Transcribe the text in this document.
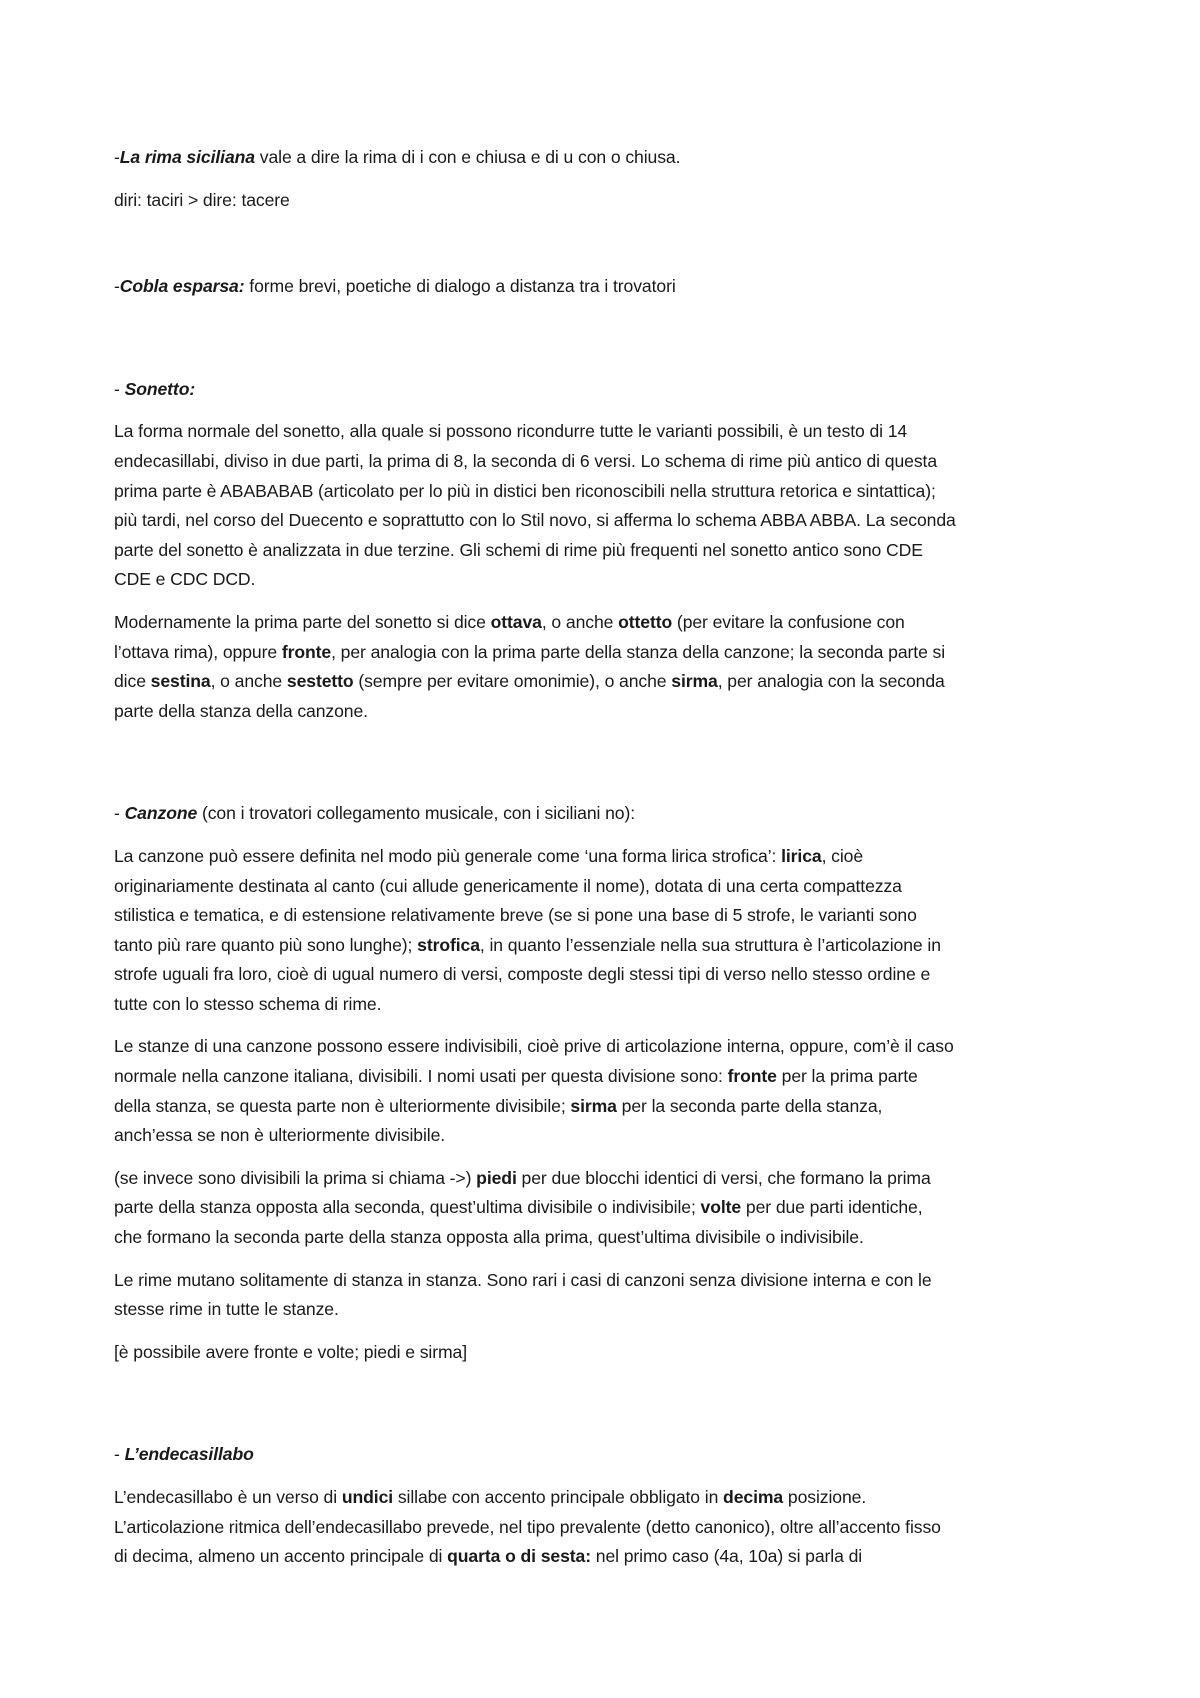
-La rima siciliana vale a dire la rima di i con e chiusa e di u con o chiusa.

diri: taciri > dire: tacere

-Cobla esparsa: forme brevi, poetiche di dialogo a distanza tra i trovatori

- Sonetto:

La forma normale del sonetto, alla quale si possono ricondurre tutte le varianti possibili, è un testo di 14
endecasillabi, diviso in due parti, la prima di 8, la seconda di 6 versi. Lo schema di rime più antico di questa
prima parte è ABABABAB (articolato per lo più in distici ben riconoscibili nella struttura retorica e sintattica);
più tardi, nel corso del Duecento e soprattutto con lo Stil novo, si afferma lo schema ABBA ABBA. La seconda
parte del sonetto è analizzata in due terzine. Gli schemi di rime più frequenti nel sonetto antico sono CDE
CDE e CDC DCD.
Modernamente la prima parte del sonetto si dice ottava, o anche ottetto (per evitare la confusione con
l’ottava rima), oppure fronte, per analogia con la prima parte della stanza della canzone; la seconda parte si
dice sestina, o anche sestetto (sempre per evitare omonimie), o anche sirma, per analogia con la seconda
parte della stanza della canzone.

- Canzone (con i trovatori collegamento musicale, con i siciliani no):

La canzone può essere definita nel modo più generale come ‘una forma lirica strofica’: lirica, cioè
originariamente destinata al canto (cui allude genericamente il nome), dotata di una certa compattezza
stilistica e tematica, e di estensione relativamente breve (se si pone una base di 5 strofe, le varianti sono
tanto più rare quanto più sono lunghe); strofica, in quanto l’essenziale nella sua struttura è l’articolazione in
strofe uguali fra loro, cioè di ugual numero di versi, composte degli stessi tipi di verso nello stesso ordine e
tutte con lo stesso schema di rime.
Le stanze di una canzone possono essere indivisibili, cioè prive di articolazione interna, oppure, com’è il caso
normale nella canzone italiana, divisibili. I nomi usati per questa divisione sono: fronte per la prima parte
della stanza, se questa parte non è ulteriormente divisibile; sirma per la seconda parte della stanza,
anch’essa se non è ulteriormente divisibile.
(se invece sono divisibili la prima si chiama ->) piedi per due blocchi identici di versi, che formano la prima
parte della stanza opposta alla seconda, quest’ultima divisibile o indivisibile; volte per due parti identiche,
che formano la seconda parte della stanza opposta alla prima, quest’ultima divisibile o indivisibile.
Le rime mutano solitamente di stanza in stanza. Sono rari i casi di canzoni senza divisione interna e con le
stesse rime in tutte le stanze.

[è possibile avere fronte e volte; piedi e sirma]

- L’endecasillabo

L’endecasillabo è un verso di undici sillabe con accento principale obbligato in decima posizione.
L’articolazione ritmica dell’endecasillabo prevede, nel tipo prevalente (detto canonico), oltre all’accento fisso
di decima, almeno un accento principale di quarta o di sesta: nel primo caso (4a, 10a) si parla di
